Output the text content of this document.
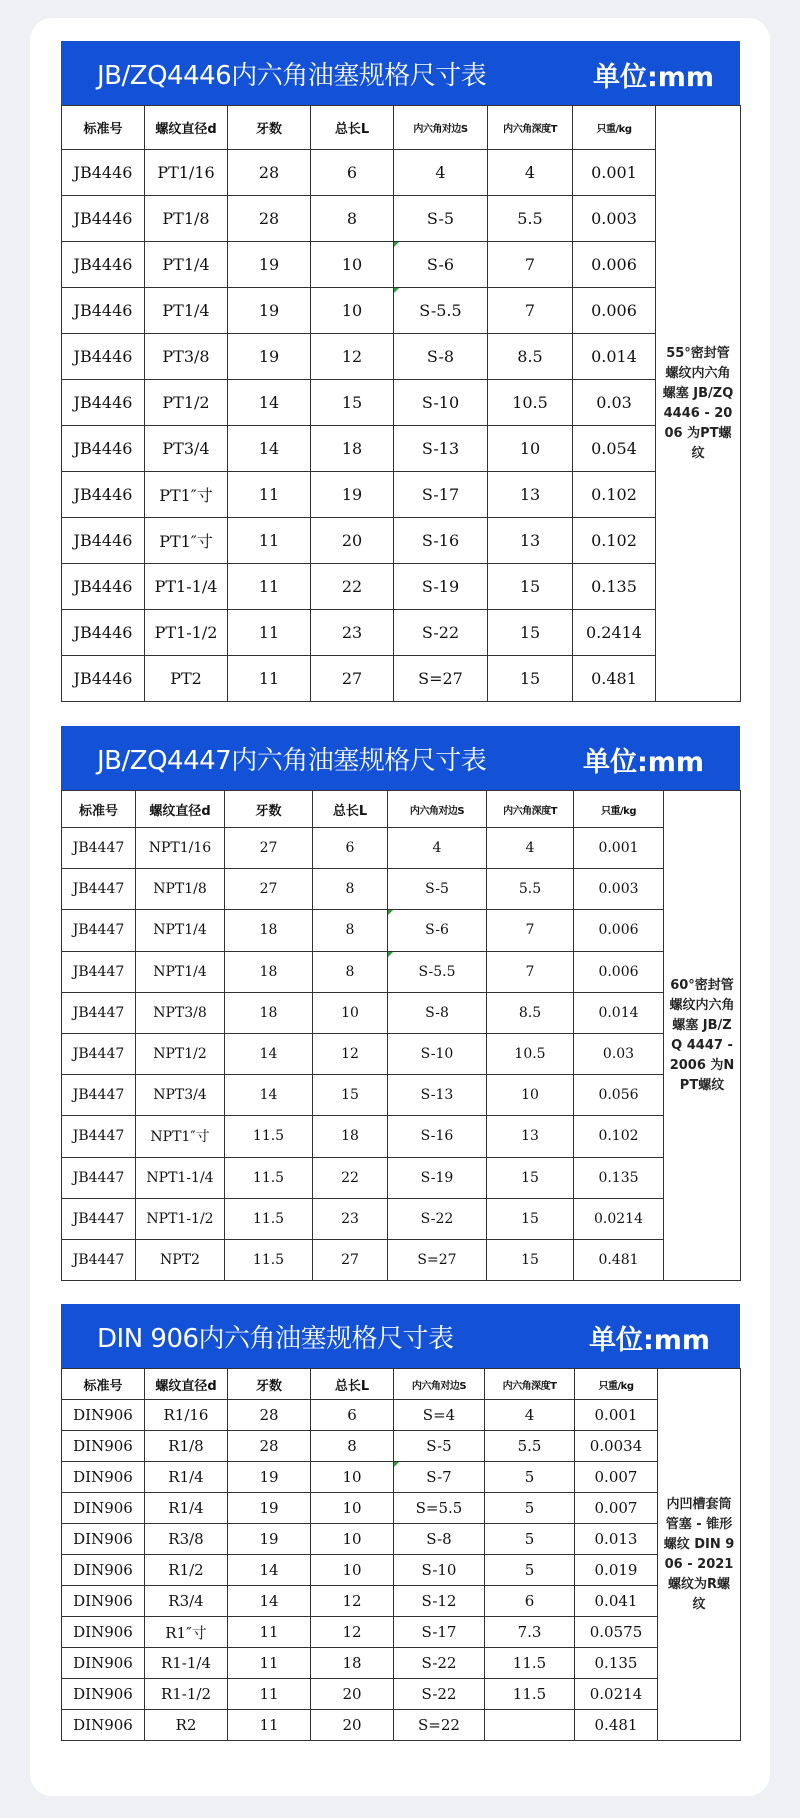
JB/ZQ4446内六角油塞规格尺寸表	单位:mm
标准号	螺纹直径d	牙数	总长L	内六角对边S	内六角深度T	只重/kg	55°密封管螺纹内六角螺塞 JB/ZQ 4446 - 2006 为PT螺纹
JB4446	PT1/16	28	6	4	4	0.001	
JB4446	PT1/8	28	8	S-5	5.5	0.003	
JB4446	PT1/4	19	10	S-6	7	0.006	
JB4446	PT1/4	19	10	S-5.5	7	0.006	
JB4446	PT3/8	19	12	S-8	8.5	0.014	
JB4446	PT1/2	14	15	S-10	10.5	0.03	
JB4446	PT3/4	14	18	S-13	10	0.054	
JB4446	PT1″寸	11	19	S-17	13	0.102	
JB4446	PT1″寸	11	20	S-16	13	0.102	
JB4446	PT1-1/4	11	22	S-19	15	0.135	
JB4446	PT1-1/2	11	23	S-22	15	0.2414	
JB4446	PT2	11	27	S=27	15	0.481	
JB/ZQ4447内六角油塞规格尺寸表	单位:mm
标准号	螺纹直径d	牙数	总长L	内六角对边S	内六角深度T	只重/kg	60°密封管螺纹内六角螺塞 JB/ZQ 4447 - 2006 为NPT螺纹
JB4447	NPT1/16	27	6	4	4	0.001	
JB4447	NPT1/8	27	8	S-5	5.5	0.003	
JB4447	NPT1/4	18	8	S-6	7	0.006	
JB4447	NPT1/4	18	8	S-5.5	7	0.006	
JB4447	NPT3/8	18	10	S-8	8.5	0.014	
JB4447	NPT1/2	14	12	S-10	10.5	0.03	
JB4447	NPT3/4	14	15	S-13	10	0.056	
JB4447	NPT1″寸	11.5	18	S-16	13	0.102	
JB4447	NPT1-1/4	11.5	22	S-19	15	0.135	
JB4447	NPT1-1/2	11.5	23	S-22	15	0.0214	
JB4447	NPT2	11.5	27	S=27	15	0.481	
DIN 906内六角油塞规格尺寸表	单位:mm
标准号	螺纹直径d	牙数	总长L	内六角对边S	内六角深度T	只重/kg	内凹槽套筒管塞 - 锥形螺纹 DIN 906 - 2021 螺纹为R螺纹
DIN906	R1/16	28	6	S=4	4	0.001	
DIN906	R1/8	28	8	S-5	5.5	0.0034	
DIN906	R1/4	19	10	S-7	5	0.007	
DIN906	R1/4	19	10	S=5.5	5	0.007	
DIN906	R3/8	19	10	S-8	5	0.013	
DIN906	R1/2	14	10	S-10	5	0.019	
DIN906	R3/4	14	12	S-12	6	0.041	
DIN906	R1″寸	11	12	S-17	7.3	0.0575	
DIN906	R1-1/4	11	18	S-22	11.5	0.135	
DIN906	R1-1/2	11	20	S-22	11.5	0.0214	
DIN906	R2	11	20	S=22		0.481	
